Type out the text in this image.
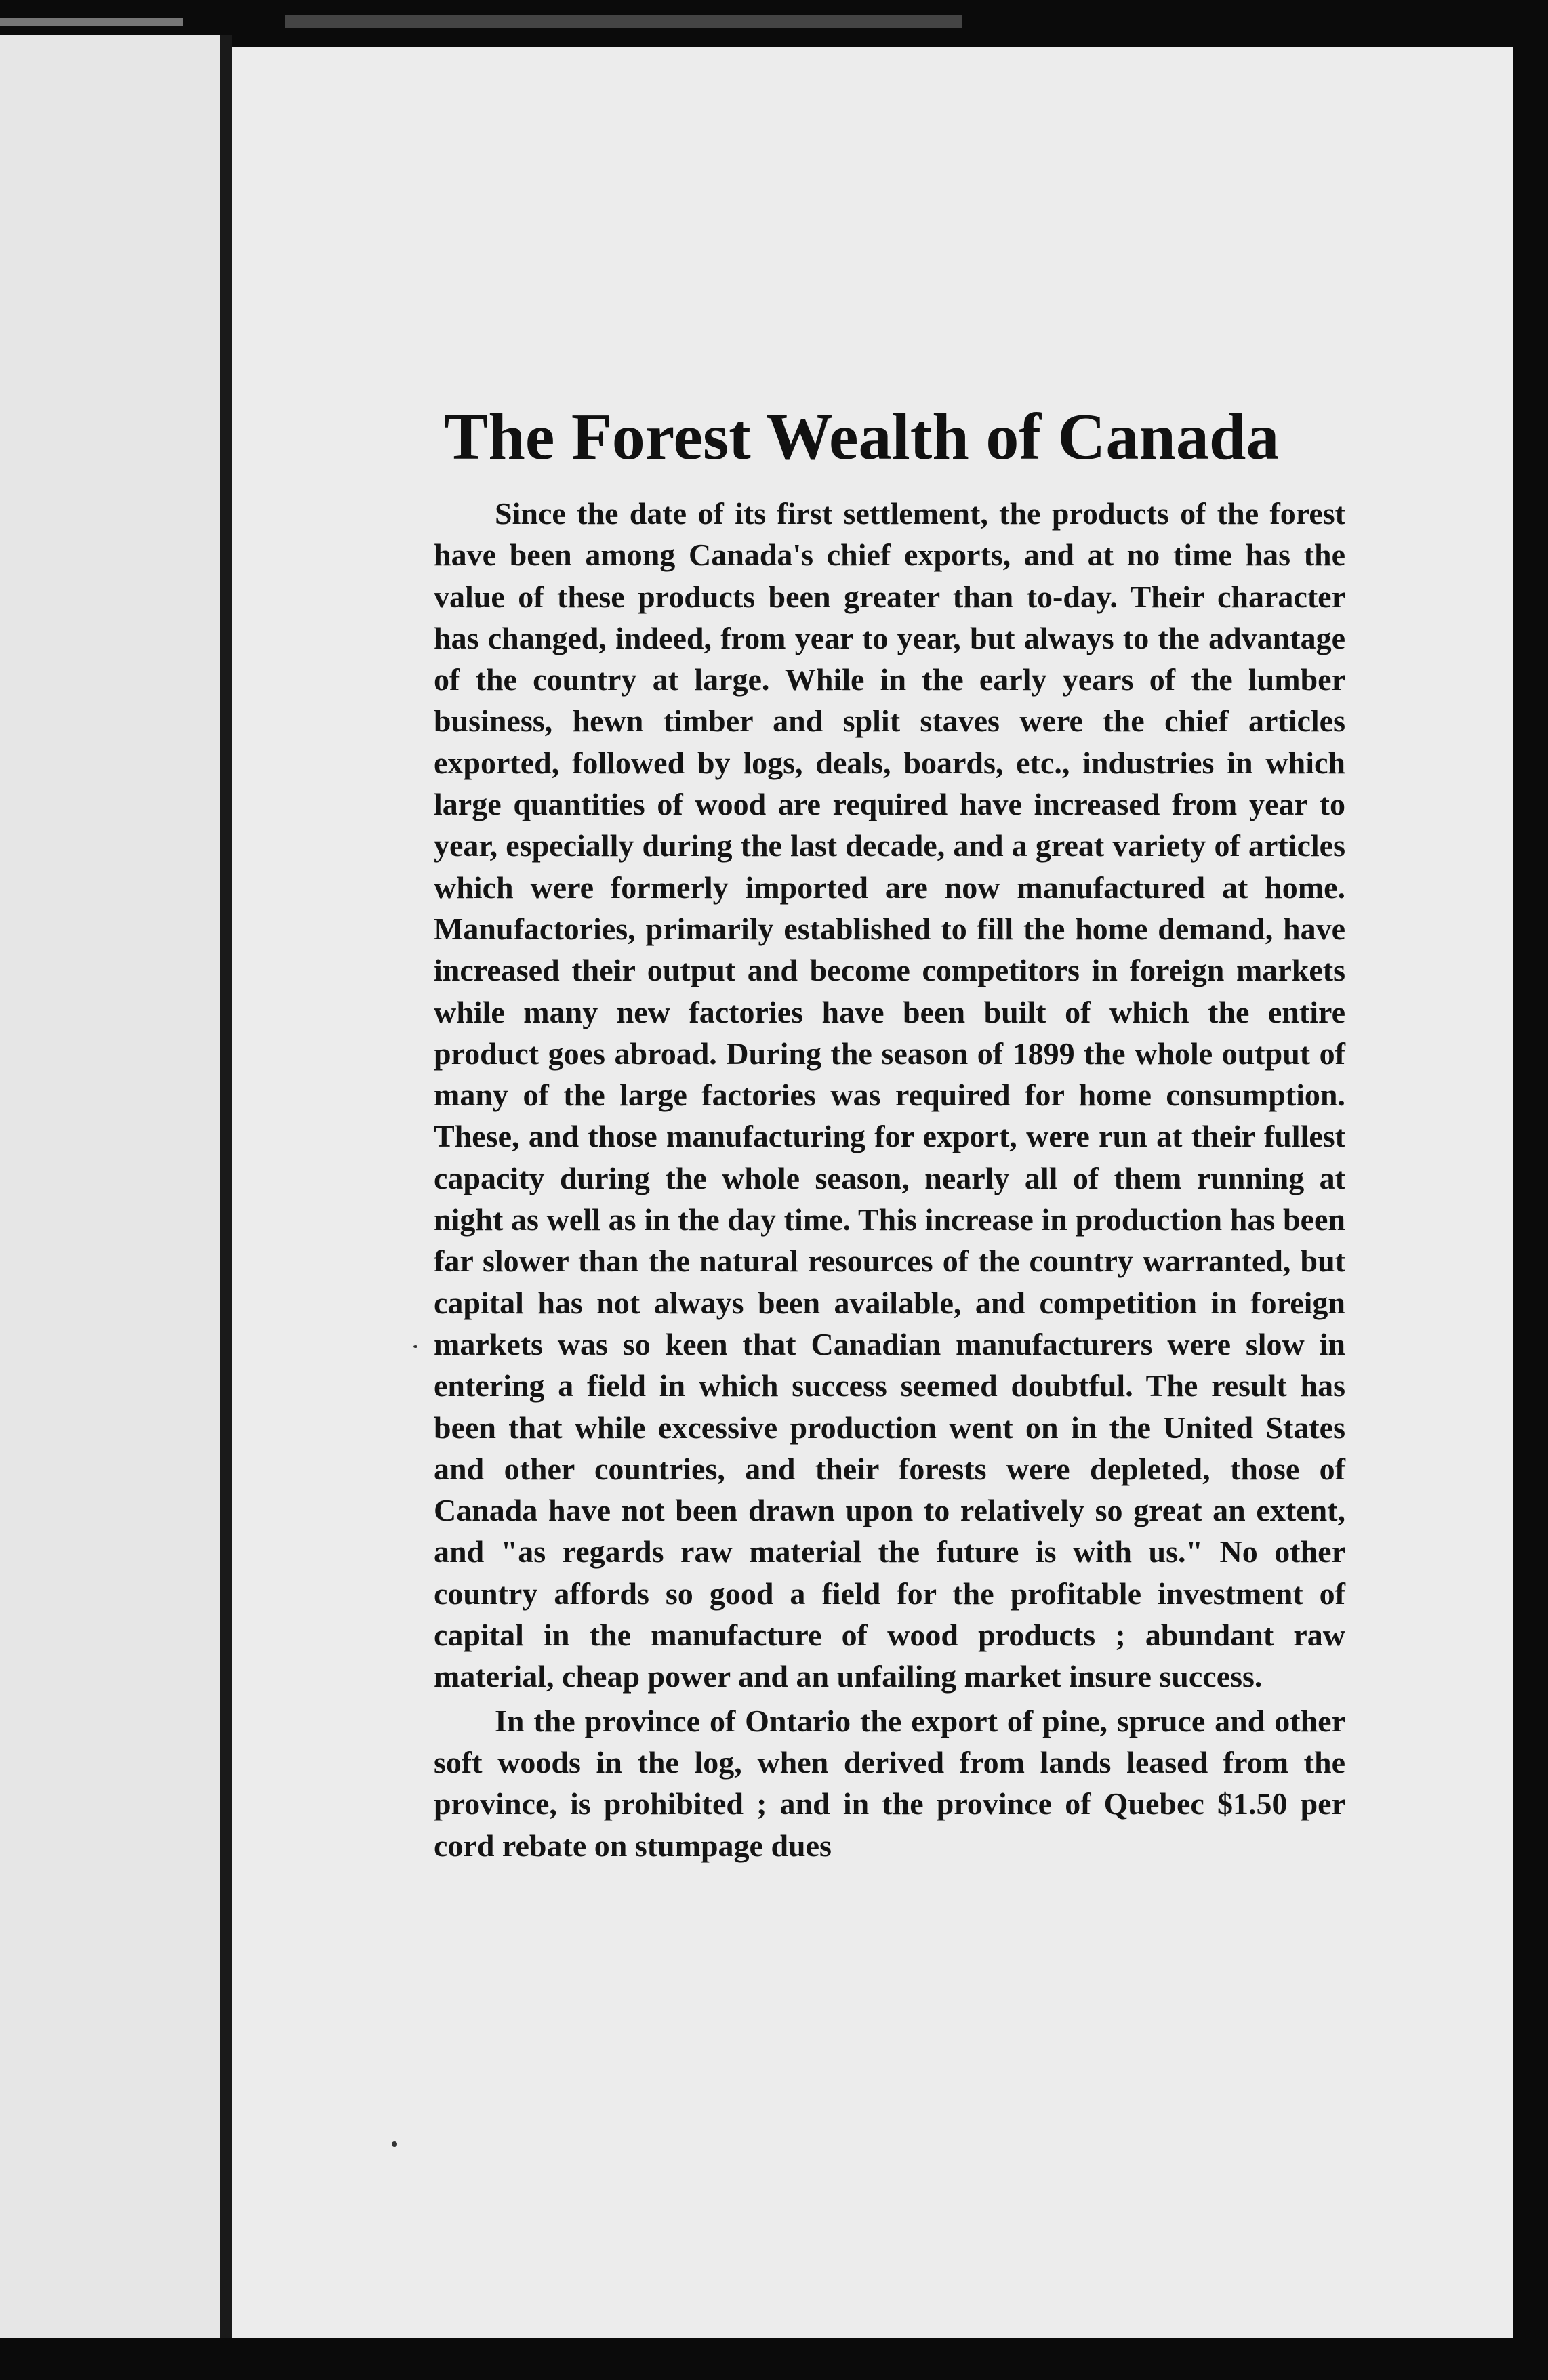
The Forest Wealth of Canada

Since the date of its first settlement, the products of the forest have been among Canada's chief exports, and at no time has the value of these products been greater than to-day. Their character has changed, indeed, from year to year, but always to the advantage of the country at large. While in the early years of the lumber business, hewn timber and split staves were the chief articles exported, followed by logs, deals, boards, etc., industries in which large quantities of wood are required have increased from year to year, especially during the last decade, and a great variety of articles which were formerly imported are now manufactured at home. Manufactories, primarily established to fill the home demand, have increased their output and become competitors in foreign markets while many new factories have been built of which the entire product goes abroad. During the season of 1899 the whole output of many of the large factories was required for home consumption. These, and those manufacturing for export, were run at their fullest capacity during the whole season, nearly all of them running at night as well as in the day time. This increase in production has been far slower than the natural resources of the country warranted, but capital has not always been available, and competition in foreign markets was so keen that Canadian manufacturers were slow in entering a field in which success seemed doubtful. The result has been that while excessive production went on in the United States and other countries, and their forests were depleted, those of Canada have not been drawn upon to relatively so great an extent, and "as regards raw material the future is with us." No other country affords so good a field for the profitable investment of capital in the manufacture of wood products ; abundant raw material, cheap power and an unfailing market insure success.

In the province of Ontario the export of pine, spruce and other soft woods in the log, when derived from lands leased from the province, is prohibited ; and in the province of Quebec $1.50 per cord rebate on stumpage dues
